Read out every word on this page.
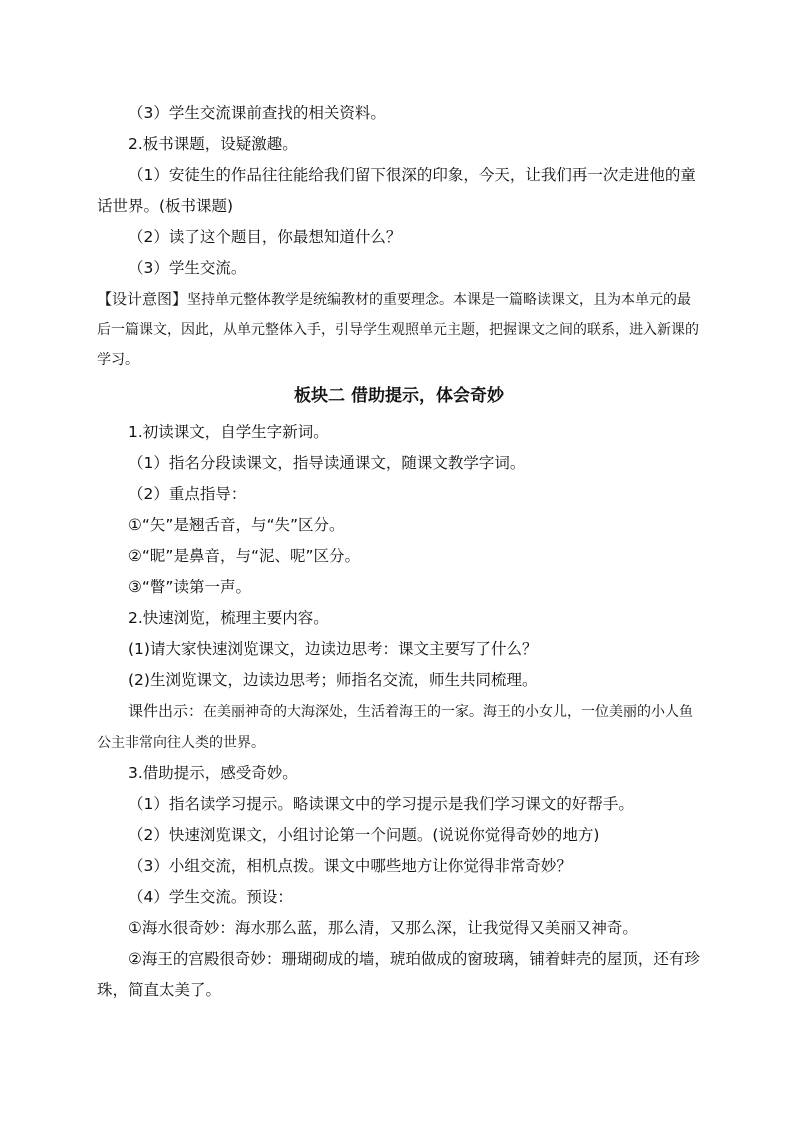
（3）学生交流课前查找的相关资料。

2.板书课题，设疑激趣。

（1）安徒生的作品往往能给我们留下很深的印象，今天，让我们再一次走进他的童话世界。(板书课题)

（2）读了这个题目，你最想知道什么？

（3）学生交流。

【设计意图】坚持单元整体教学是统编教材的重要理念。本课是一篇略读课文，且为本单元的最后一篇课文，因此，从单元整体入手，引导学生观照单元主题，把握课文之间的联系，进入新课的学习。

板块二 借助提示，体会奇妙

1.初读课文，自学生字新词。

（1）指名分段读课文，指导读通课文，随课文教学字词。

（2）重点指导：

①“矢”是翘舌音，与“失”区分。

②“昵”是鼻音，与“泥、呢”区分。

③“瞥”读第一声。

2.快速浏览，梳理主要内容。

(1)请大家快速浏览课文，边读边思考：课文主要写了什么？

(2)生浏览课文，边读边思考；师指名交流，师生共同梳理。

课件出示：在美丽神奇的大海深处，生活着海王的一家。海王的小女儿，一位美丽的小人鱼公主非常向往人类的世界。

3.借助提示，感受奇妙。

（1）指名读学习提示。略读课文中的学习提示是我们学习课文的好帮手。

（2）快速浏览课文，小组讨论第一个问题。(说说你觉得奇妙的地方)

（3）小组交流，相机点拨。课文中哪些地方让你觉得非常奇妙？

（4）学生交流。预设：

①海水很奇妙：海水那么蓝，那么清，又那么深，让我觉得又美丽又神奇。

②海王的宫殿很奇妙：珊瑚砌成的墙，琥珀做成的窗玻璃，铺着蚌壳的屋顶，还有珍珠，简直太美了。
